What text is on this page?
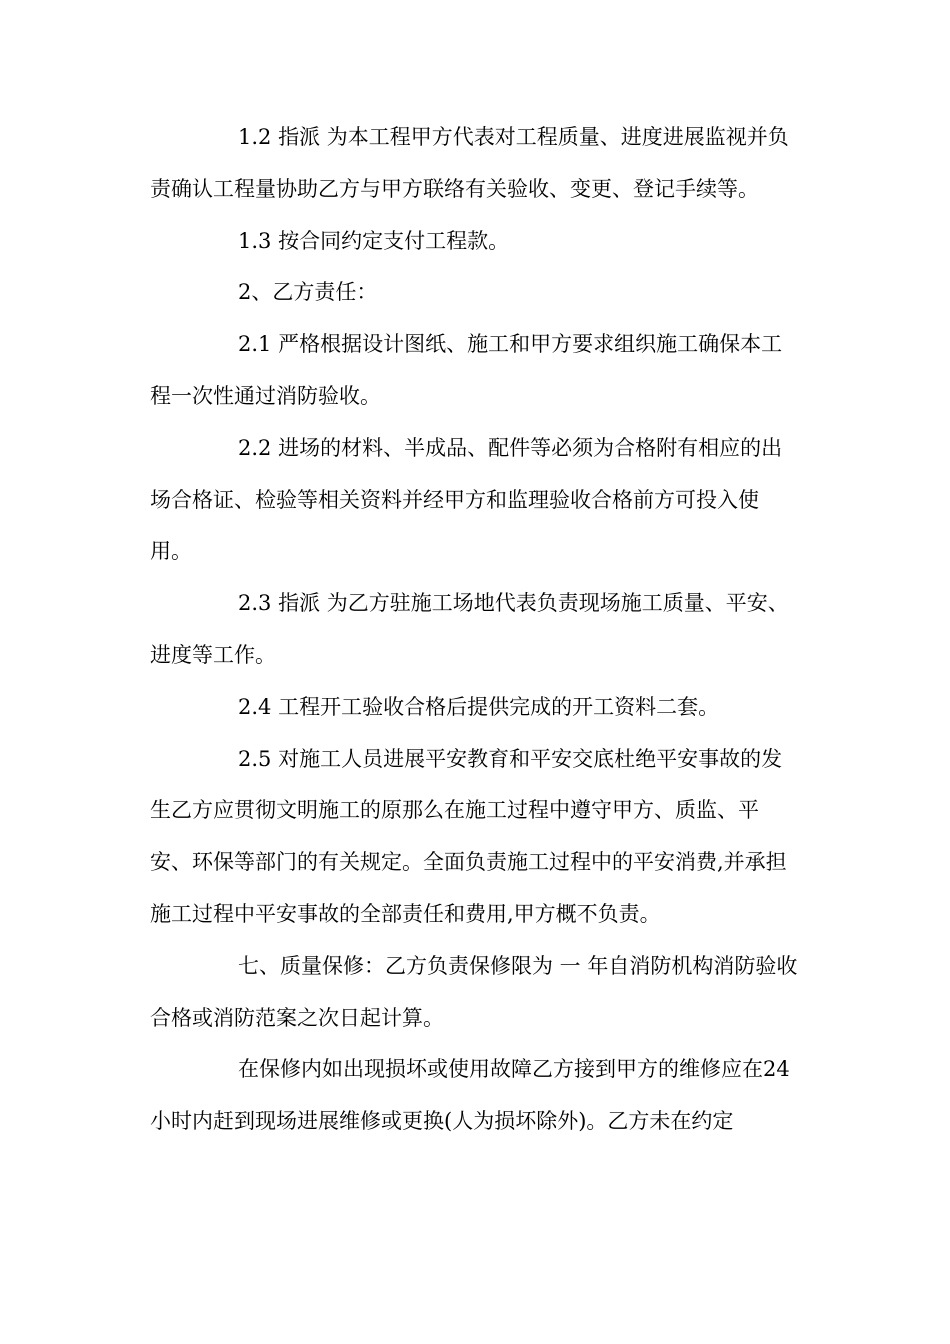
1.2 指派 为本工程甲方代表对工程质量、进度进展监视并负责确认工程量协助乙方与甲方联络有关验收、变更、登记手续等。

1.3 按合同约定支付工程款。

2、乙方责任：

2.1 严格根据设计图纸、施工和甲方要求组织施工确保本工程一次性通过消防验收。

2.2 进场的材料、半成品、配件等必须为合格附有相应的出场合格证、检验等相关资料并经甲方和监理验收合格前方可投入使用。

2.3 指派 为乙方驻施工场地代表负责现场施工质量、平安、进度等工作。

2.4 工程开工验收合格后提供完成的开工资料二套。

2.5 对施工人员进展平安教育和平安交底杜绝平安事故的发生乙方应贯彻文明施工的原那么在施工过程中遵守甲方、质监、平安、环保等部门的有关规定。全面负责施工过程中的平安消费,并承担施工过程中平安事故的全部责任和费用,甲方概不负责。

七、质量保修：乙方负责保修限为 一 年自消防机构消防验收合格或消防范案之次日起计算。

在保修内如出现损坏或使用故障乙方接到甲方的维修应在24 小时内赶到现场进展维修或更换(人为损坏除外)。乙方未在约定
